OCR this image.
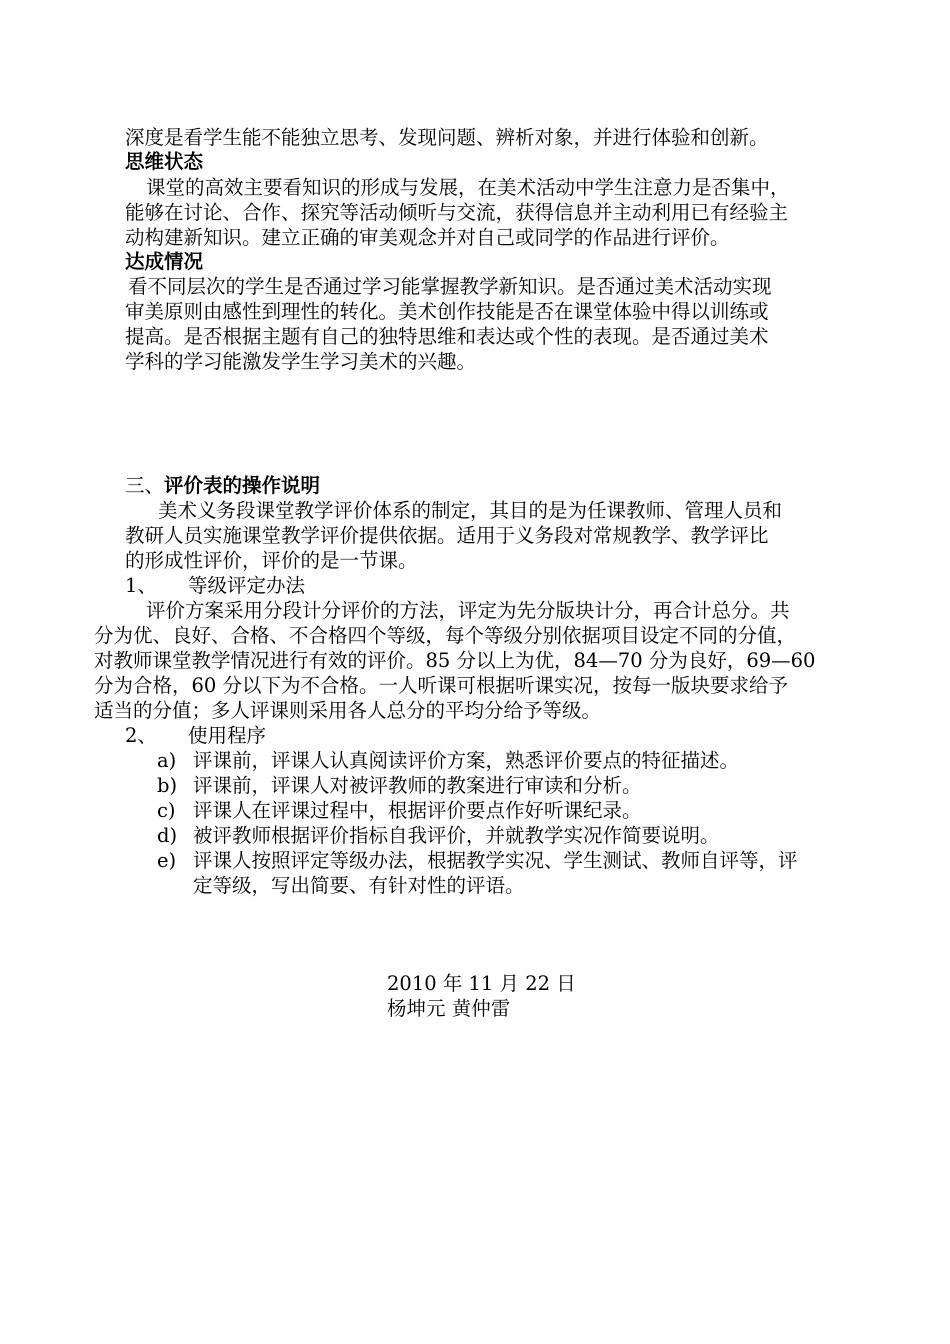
深度是看学生能不能独立思考、发现问题、辨析对象，并进行体验和创新。
思维状态
课堂的高效主要看知识的形成与发展，在美术活动中学生注意力是否集中，
能够在讨论、合作、探究等活动倾听与交流，获得信息并主动利用已有经验主
动构建新知识。建立正确的审美观念并对自己或同学的作品进行评价。
达成情况
看不同层次的学生是否通过学习能掌握教学新知识。是否通过美术活动实现
审美原则由感性到理性的转化。美术创作技能是否在课堂体验中得以训练或
提高。是否根据主题有自己的独特思维和表达或个性的表现。是否通过美术
学科的学习能激发学生学习美术的兴趣。
三、评价表的操作说明
美术义务段课堂教学评价体系的制定，其目的是为任课教师、管理人员和
教研人员实施课堂教学评价提供依据。适用于义务段对常规教学、教学评比
的形成性评价，评价的是一节课。
1、 等级评定办法
评价方案采用分段计分评价的方法，评定为先分版块计分，再合计总分。共
分为优、良好、合格、不合格四个等级，每个等级分别依据项目设定不同的分值，
对教师课堂教学情况进行有效的评价。85 分以上为优，84—70 分为良好，69—60
分为合格，60 分以下为不合格。一人听课可根据听课实况，按每一版块要求给予
适当的分值；多人评课则采用各人总分的平均分给予等级。
2、 使用程序
a) 评课前，评课人认真阅读评价方案，熟悉评价要点的特征描述。
b) 评课前，评课人对被评教师的教案进行审读和分析。
c) 评课人在评课过程中，根据评价要点作好听课纪录。
d) 被评教师根据评价指标自我评价，并就教学实况作简要说明。
e) 评课人按照评定等级办法，根据教学实况、学生测试、教师自评等，评
定等级，写出简要、有针对性的评语。
2010 年 11 月 22 日
杨坤元 黄仲雷
